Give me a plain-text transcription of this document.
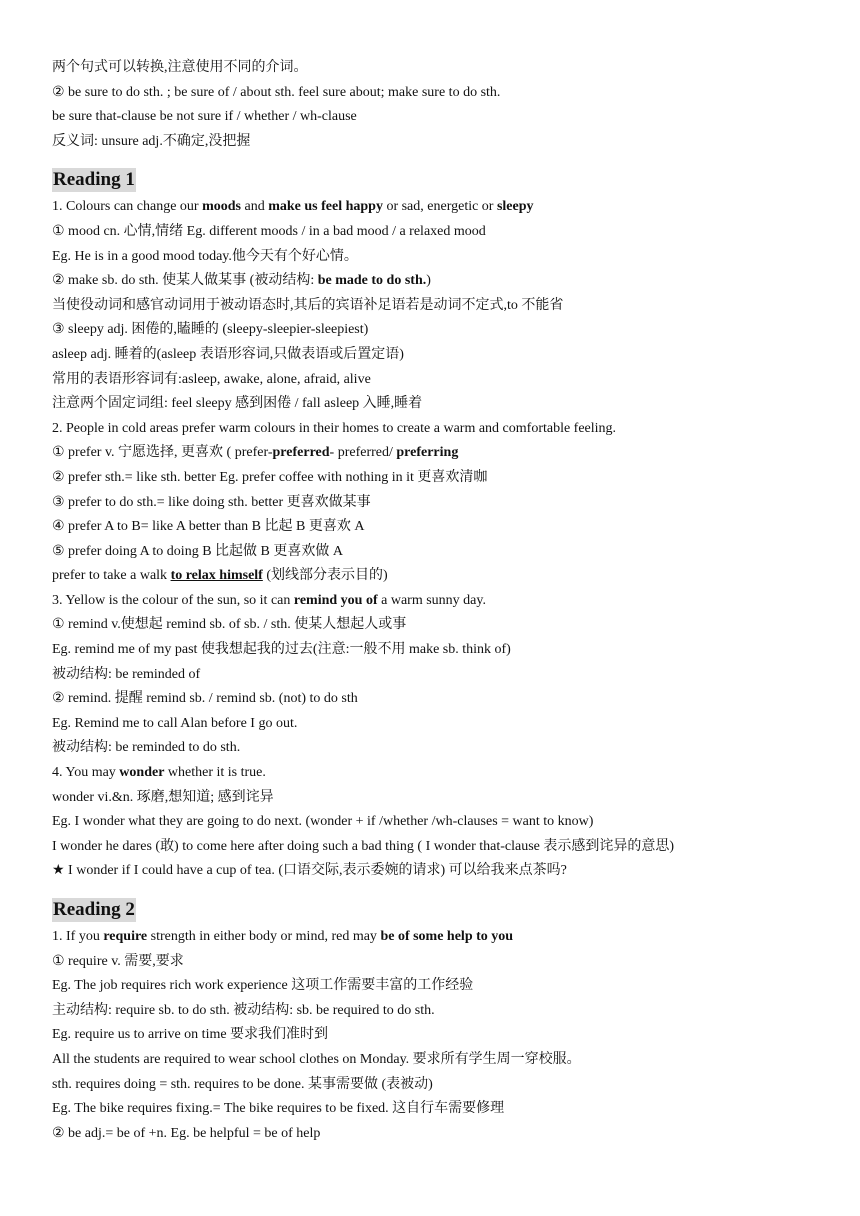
两个句式可以转换,注意使用不同的介词。
② be sure to do sth. ; be sure of / about sth. feel sure about; make sure to do sth.
be sure that-clause be not sure if / whether / wh-clause
反义词: unsure adj.不确定,没把握
Reading 1
1. Colours can change our moods and make us feel happy or sad, energetic or sleepy
① mood cn. 心情,情绪 Eg. different moods / in a bad mood / a relaxed mood
Eg. He is in a good mood today.他今天有个好心情。
② make sb. do sth. 使某人做某事 (被动结构: be made to do sth.)
当使役动词和感官动词用于被动语态时,其后的宾语补足语若是动词不定式,to 不能省
③ sleepy adj. 困倦的,瞌睡的 (sleepy-sleepier-sleepiest)
asleep adj. 睡着的(asleep 表语形容词,只做表语或后置定语)
常用的表语形容词有:asleep, awake, alone, afraid, alive
注意两个固定词组: feel sleepy 感到困倦 / fall asleep 入睡,睡着
2. People in cold areas prefer warm colours in their homes to create a warm and comfortable feeling.
① prefer v. 宁愿选择, 更喜欢 ( prefer-preferred- preferred/ preferring
② prefer sth.= like sth. better Eg. prefer coffee with nothing in it 更喜欢清咖
③ prefer to do sth.= like doing sth. better 更喜欢做某事
④ prefer A to B= like A better than B 比起 B 更喜欢 A
⑤ prefer doing A to doing B 比起做 B 更喜欢做 A
prefer to take a walk to relax himself (划线部分表示目的)
3. Yellow is the colour of the sun, so it can remind you of a warm sunny day.
① remind v.使想起 remind sb. of sb. / sth. 使某人想起人或事
Eg. remind me of my past 使我想起我的过去(注意:一般不用 make sb. think of)
被动结构: be reminded of
② remind. 提醒 remind sb. / remind sb. (not) to do sth
Eg. Remind me to call Alan before I go out.
被动结构: be reminded to do sth.
4. You may wonder whether it is true.
wonder vi.&n. 琢磨,想知道; 感到诧异
Eg. I wonder what they are going to do next. (wonder + if /whether /wh-clauses = want to know)
I wonder he dares (敢) to come here after doing such a bad thing ( I wonder that-clause 表示感到诧异的意思)
★ I wonder if I could have a cup of tea. (口语交际,表示委婉的请求) 可以给我来点茶吗?
Reading 2
1. If you require strength in either body or mind, red may be of some help to you
① require v. 需要,要求
Eg. The job requires rich work experience 这项工作需要丰富的工作经验
主动结构: require sb. to do sth. 被动结构: sb. be required to do sth.
Eg. require us to arrive on time 要求我们准时到
All the students are required to wear school clothes on Monday. 要求所有学生周一穿校服。
sth. requires doing = sth. requires to be done. 某事需要做 (表被动)
Eg. The bike requires fixing.= The bike requires to be fixed. 这自行车需要修理
② be adj.= be of +n. Eg. be helpful = be of help
